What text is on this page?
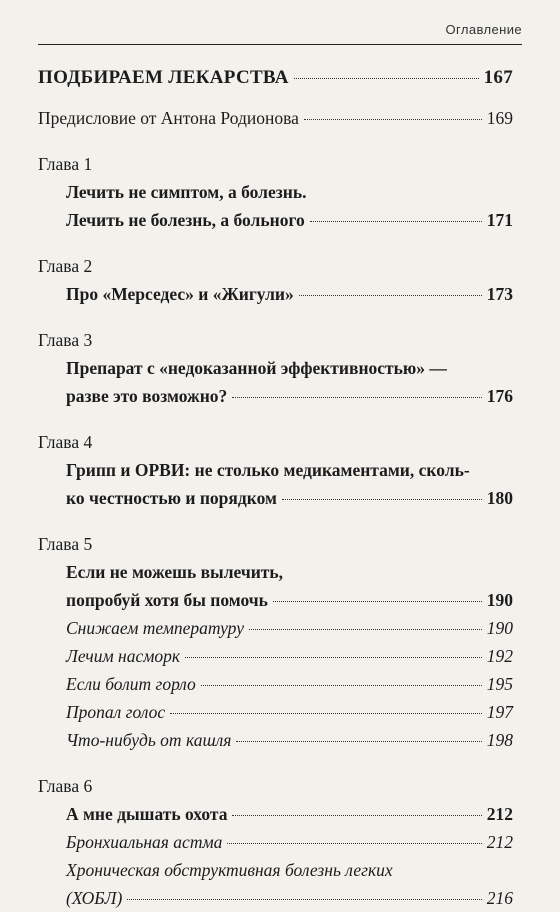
Оглавление
ПОДБИРАЕМ ЛЕКАРСТВА	167
Предисловие от Антона Родионова	169
Глава 1
Лечить не симптом, а болезнь.
Лечить не болезнь, а больного	171
Глава 2
Про «Мерседес» и «Жигули»	173
Глава 3
Препарат с «недоказанной эффективностью» —
разве это возможно?	176
Глава 4
Грипп и ОРВИ: не столько медикаментами, сколь-
ко честностью и порядком	180
Глава 5
Если не можешь вылечить,
попробуй хотя бы помочь	190
Снижаем температуру	190
Лечим насморк	192
Если болит горло	195
Пропал голос	197
Что-нибудь от кашля	198
Глава 6
А мне дышать охота	212
Бронхиальная астма	212
Хроническая обструктивная болезнь легких
(ХОБЛ)	216
